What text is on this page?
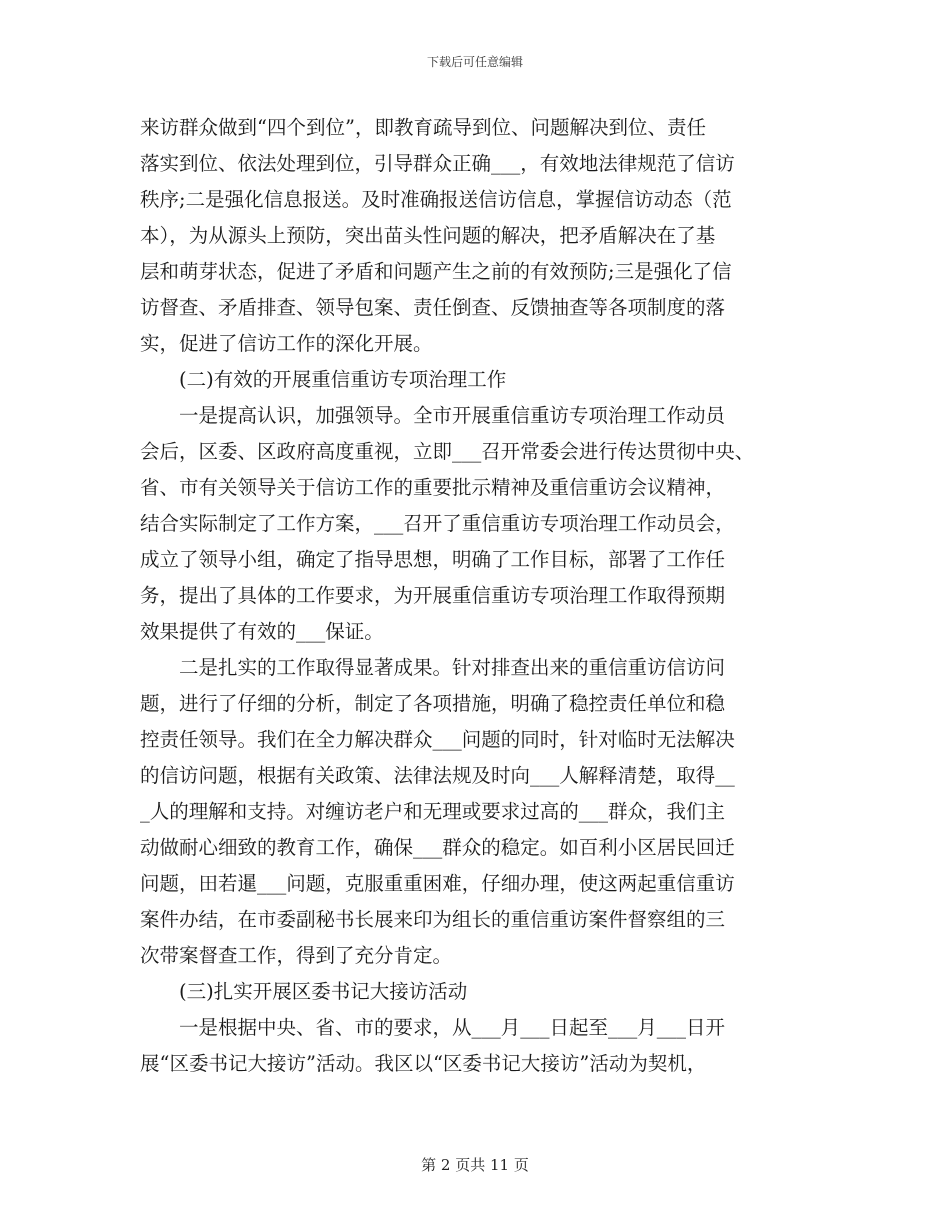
下载后可任意编辑
来访群众做到“四个到位”，即教育疏导到位、问题解决到位、责任
落实到位、依法处理到位，引导群众正确___，有效地法律规范了信访
秩序;二是强化信息报送。及时准确报送信访信息，掌握信访动态（范
本），为从源头上预防，突出苗头性问题的解决，把矛盾解决在了基
层和萌芽状态，促进了矛盾和问题产生之前的有效预防;三是强化了信
访督查、矛盾排查、领导包案、责任倒查、反馈抽查等各项制度的落
实，促进了信访工作的深化开展。
(二)有效的开展重信重访专项治理工作
一是提高认识，加强领导。全市开展重信重访专项治理工作动员
会后，区委、区政府高度重视，立即___召开常委会进行传达贯彻中央、
省、市有关领导关于信访工作的重要批示精神及重信重访会议精神，
结合实际制定了工作方案，___召开了重信重访专项治理工作动员会，
成立了领导小组，确定了指导思想，明确了工作目标，部署了工作任
务，提出了具体的工作要求，为开展重信重访专项治理工作取得预期
效果提供了有效的___保证。
二是扎实的工作取得显著成果。针对排查出来的重信重访信访问
题，进行了仔细的分析，制定了各项措施，明确了稳控责任单位和稳
控责任领导。我们在全力解决群众___问题的同时，针对临时无法解决
的信访问题，根据有关政策、法律法规及时向___人解释清楚，取得__
_人的理解和支持。对缠访老户和无理或要求过高的___群众，我们主
动做耐心细致的教育工作，确保___群众的稳定。如百利小区居民回迁
问题，田若暹___问题，克服重重困难，仔细办理，使这两起重信重访
案件办结，在市委副秘书长展来印为组长的重信重访案件督察组的三
次带案督查工作，得到了充分肯定。
(三)扎实开展区委书记大接访活动
一是根据中央、省、市的要求，从___月___日起至___月___日开
展“区委书记大接访”活动。我区以“区委书记大接访”活动为契机，
第 2 页共 11 页
